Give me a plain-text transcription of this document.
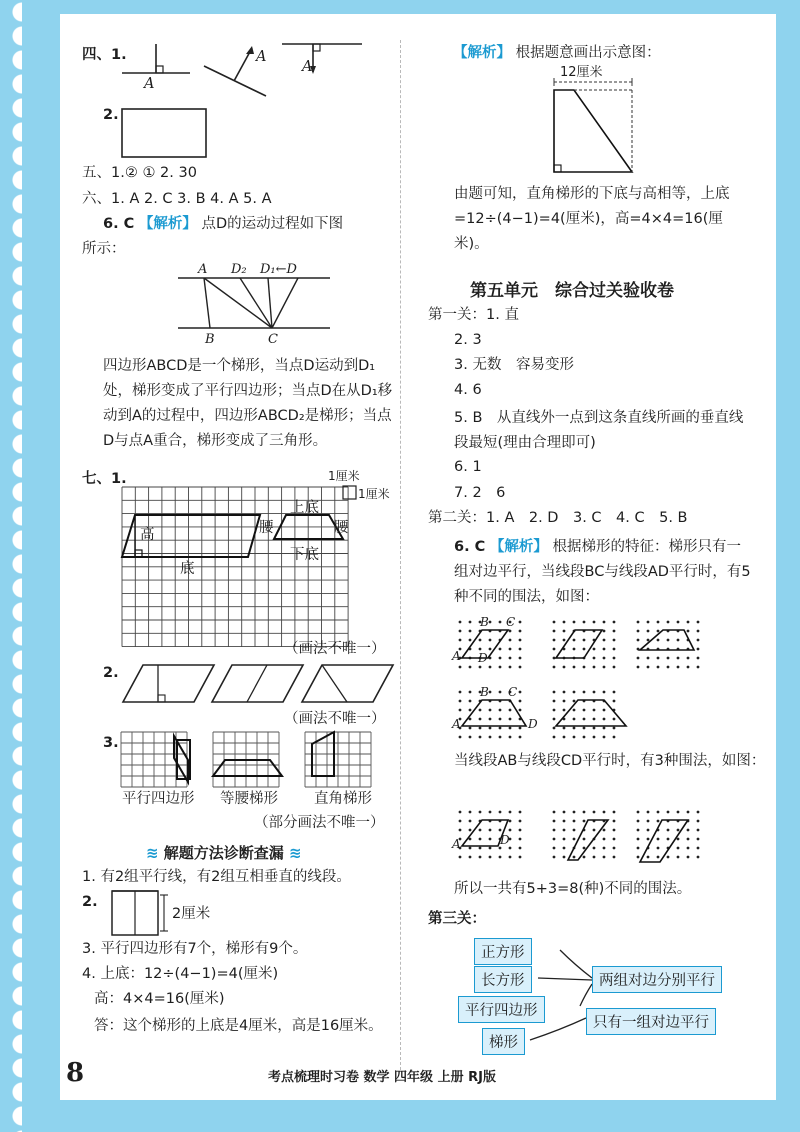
四、1.
A
A
A
2.
五、1.② ① 2. 30
六、1. A 2. C 3. B 4. A 5. A
6. C 【解析】 点D的运动过程如下图
所示：
A D₂ D₁←D
B	C
四边形ABCD是一个梯形，当点D运动到D₁处，梯形变成了平行四边形；当点D在从D₁移动到A的过程中，四边形ABCD₂是梯形；当点D与点A重合，梯形变成了三角形。
七、1.	1厘米
1厘米
高
底
上底
腰	腰
下底
（画法不唯一）
2.
（画法不唯一）
3.
平行四边形 等腰梯形 直角梯形
（部分画法不唯一）
≋ 解题方法诊断查漏 ≋
1. 有2组平行线，有2组互相垂直的线段。
2.
2厘米
3. 平行四边形有7个，梯形有9个。
4. 上底：12÷(4−1)=4(厘米)
高：4×4=16(厘米)
答：这个梯形的上底是4厘米，高是16厘米。
【解析】 根据题意画出示意图：
12厘米
由题可知，直角梯形的下底与高相等，上底=12÷(4−1)=4(厘米)，高=4×4=16(厘米)。
第五单元　综合过关验收卷
第一关：1. 直
2. 3
3. 无数　容易变形
4. 6
5. B　从直线外一点到这条直线所画的垂直线段最短(理由合理即可)
6. 1
7. 2　6
第二关：1. A　2. D　3. C　4. C　5. B
6. C 【解析】 根据梯形的特征：梯形只有一组对边平行，当线段BC与线段AD平行时，有5种不同的围法，如图：
B C
A D
B C
A	D
当线段AB与线段CD平行时，有3种围法，如图：
A	D
所以一共有5+3=8(种)不同的围法。
第三关：
正方形
长方形
平行四边形
梯形
两组对边分别平行
只有一组对边平行
8	考点梳理时习卷 数学 四年级 上册 RJ版
